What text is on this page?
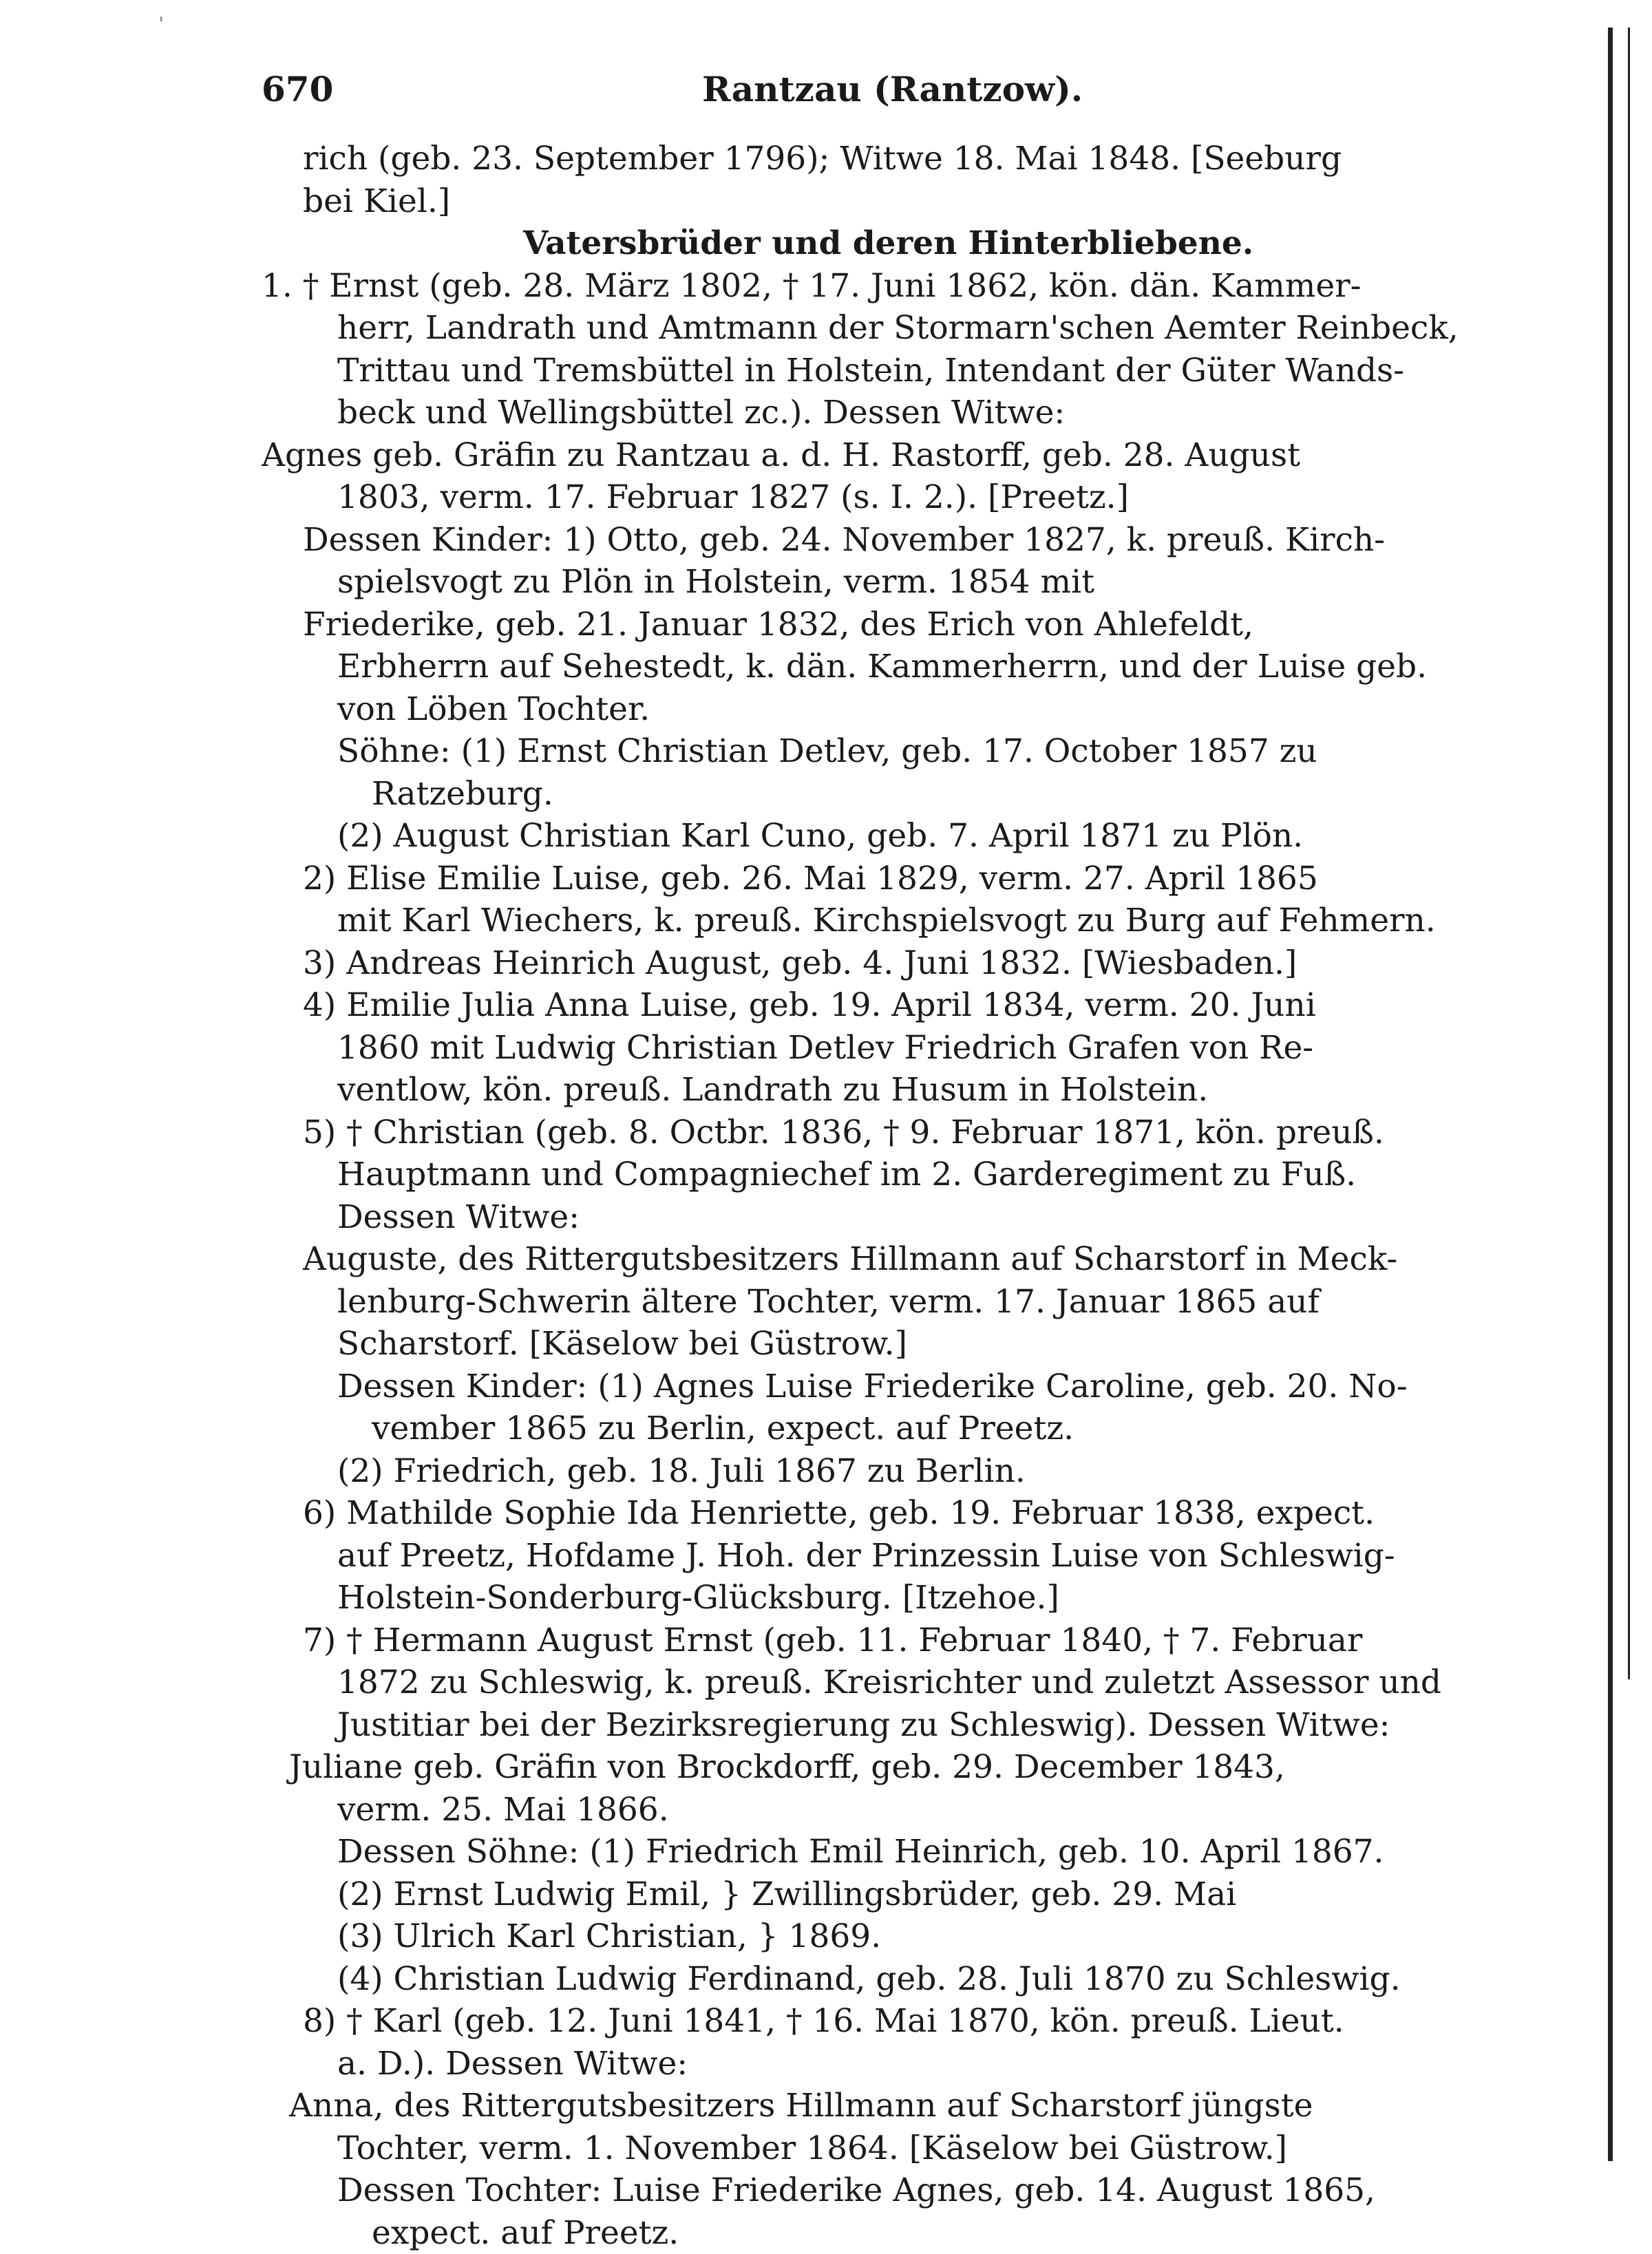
ˈ
670	Rantzau (Rantzow).
rich (geb. 23. September 1796); Witwe 18. Mai 1848. [Seeburg
bei Kiel.]
Vatersbrüder und deren Hinterbliebene.
1. † Ernst (geb. 28. März 1802, † 17. Juni 1862, kön. dän. Kammer-
herr, Landrath und Amtmann der Stormarn'schen Aemter Reinbeck,
Trittau und Tremsbüttel in Holstein, Intendant der Güter Wands-
beck und Wellingsbüttel zc.). Dessen Witwe:
Agnes geb. Gräfin zu Rantzau a. d. H. Rastorff, geb. 28. August
1803, verm. 17. Februar 1827 (s. I. 2.). [Preetz.]
Dessen Kinder: 1) Otto, geb. 24. November 1827, k. preuß. Kirch-
spielsvogt zu Plön in Holstein, verm. 1854 mit
Friederike, geb. 21. Januar 1832, des Erich von Ahlefeldt,
Erbherrn auf Sehestedt, k. dän. Kammerherrn, und der Luise geb.
von Löben Tochter.
Söhne: (1) Ernst Christian Detlev, geb. 17. October 1857 zu
Ratzeburg.
(2) August Christian Karl Cuno, geb. 7. April 1871 zu Plön.
2) Elise Emilie Luise, geb. 26. Mai 1829, verm. 27. April 1865
mit Karl Wiechers, k. preuß. Kirchspielsvogt zu Burg auf Fehmern.
3) Andreas Heinrich August, geb. 4. Juni 1832. [Wiesbaden.]
4) Emilie Julia Anna Luise, geb. 19. April 1834, verm. 20. Juni
1860 mit Ludwig Christian Detlev Friedrich Grafen von Re-
ventlow, kön. preuß. Landrath zu Husum in Holstein.
5) † Christian (geb. 8. Octbr. 1836, † 9. Februar 1871, kön. preuß.
Hauptmann und Compagniechef im 2. Garderegiment zu Fuß.
Dessen Witwe:
Auguste, des Rittergutsbesitzers Hillmann auf Scharstorf in Meck-
lenburg-Schwerin ältere Tochter, verm. 17. Januar 1865 auf
Scharstorf. [Käselow bei Güstrow.]
Dessen Kinder: (1) Agnes Luise Friederike Caroline, geb. 20. No-
vember 1865 zu Berlin, expect. auf Preetz.
(2) Friedrich, geb. 18. Juli 1867 zu Berlin.
6) Mathilde Sophie Ida Henriette, geb. 19. Februar 1838, expect.
auf Preetz, Hofdame J. Hoh. der Prinzessin Luise von Schleswig-
Holstein-Sonderburg-Glücksburg. [Itzehoe.]
7) † Hermann August Ernst (geb. 11. Februar 1840, † 7. Februar
1872 zu Schleswig, k. preuß. Kreisrichter und zuletzt Assessor und
Justitiar bei der Bezirksregierung zu Schleswig). Dessen Witwe:
Juliane geb. Gräfin von Brockdorff, geb. 29. December 1843,
verm. 25. Mai 1866.
Dessen Söhne: (1) Friedrich Emil Heinrich, geb. 10. April 1867.
(2) Ernst Ludwig Emil, } Zwillingsbrüder, geb. 29. Mai
(3) Ulrich Karl Christian, } 1869.
(4) Christian Ludwig Ferdinand, geb. 28. Juli 1870 zu Schleswig.
8) † Karl (geb. 12. Juni 1841, † 16. Mai 1870, kön. preuß. Lieut.
a. D.). Dessen Witwe:
Anna, des Rittergutsbesitzers Hillmann auf Scharstorf jüngste
Tochter, verm. 1. November 1864. [Käselow bei Güstrow.]
Dessen Tochter: Luise Friederike Agnes, geb. 14. August 1865,
expect. auf Preetz.
